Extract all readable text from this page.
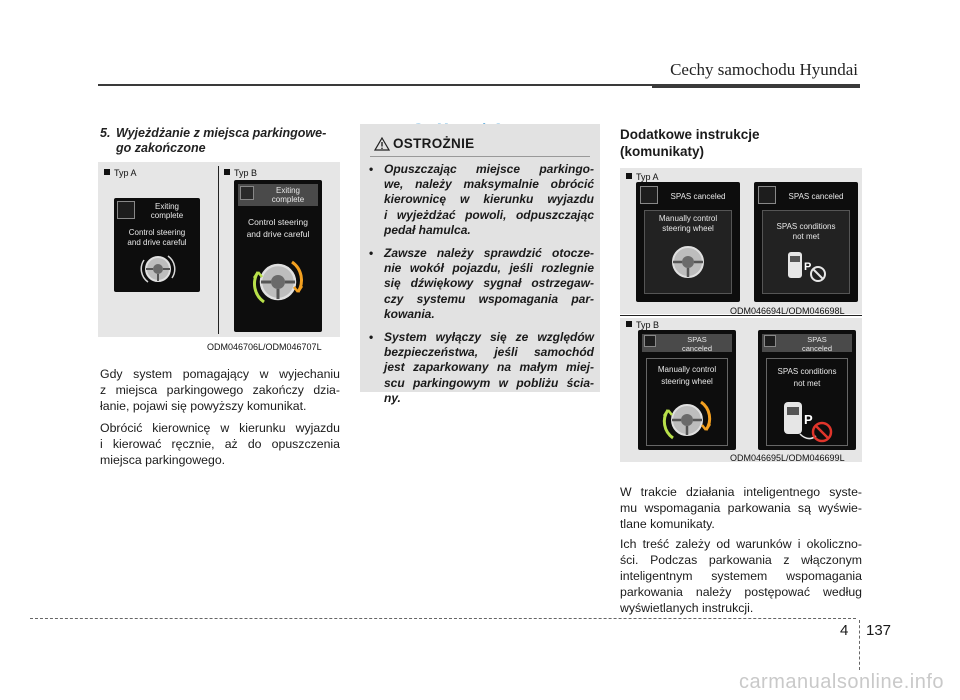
Cechy samochodu Hyundai
5. Wyjeżdżanie z miejsca parkingowe-
go zakończone
Typ A	Typ B
Exiting
complete
Control steering
and drive careful
Exiting
complete
Control steering
and drive careful
ODM046706L/ODM046707L

Gdy system pomagający w wyjechaniu
z miejsca parkingowego zakończy dzia-
łanie, pojawi się powyższy komunikat.

Obrócić kierownicę w kierunku wyjazdu
i kierować ręcznie, aż do opuszczenia
miejsca parkingowego.

OSTROŻNIE
• Opuszczając miejsce parkingo-
we, należy maksymalnie obrócić
kierownicę w kierunku wyjazdu
i wyjeżdżać powoli, odpuszczając
pedał hamulca.
• Zawsze należy sprawdzić otocze-
nie wokół pojazdu, jeśli rozlegnie
się dźwiękowy sygnał ostrzegaw-
czy systemu wspomagania par-
kowania.
• System wyłączy się ze względów
bezpieczeństwa, jeśli samochód
jest zaparkowany na małym miej-
scu parkingowym w pobliżu ścia-
ny.
Dodatkowe instrukcje
(komunikaty)
Typ A
SPAS canceled
Manually control
steering wheel
SPAS canceled
SPAS conditions
not met
P
ODM046694L/ODM046698L
Typ B
SPAS
canceled
Manually control
steering wheel
SPAS
canceled
SPAS conditions
not met
P
ODM046695L/ODM046699L

W trakcie działania inteligentnego syste-
mu wspomagania parkowania są wyświe-
tlane komunikaty.

Ich treść zależy od warunków i okoliczno-
ści. Podczas parkowania z włączonym
inteligentnym systemem wspomagania
parkowania należy postępować według
wyświetlanych instrukcji.

4 137
carmanualsonline.info
